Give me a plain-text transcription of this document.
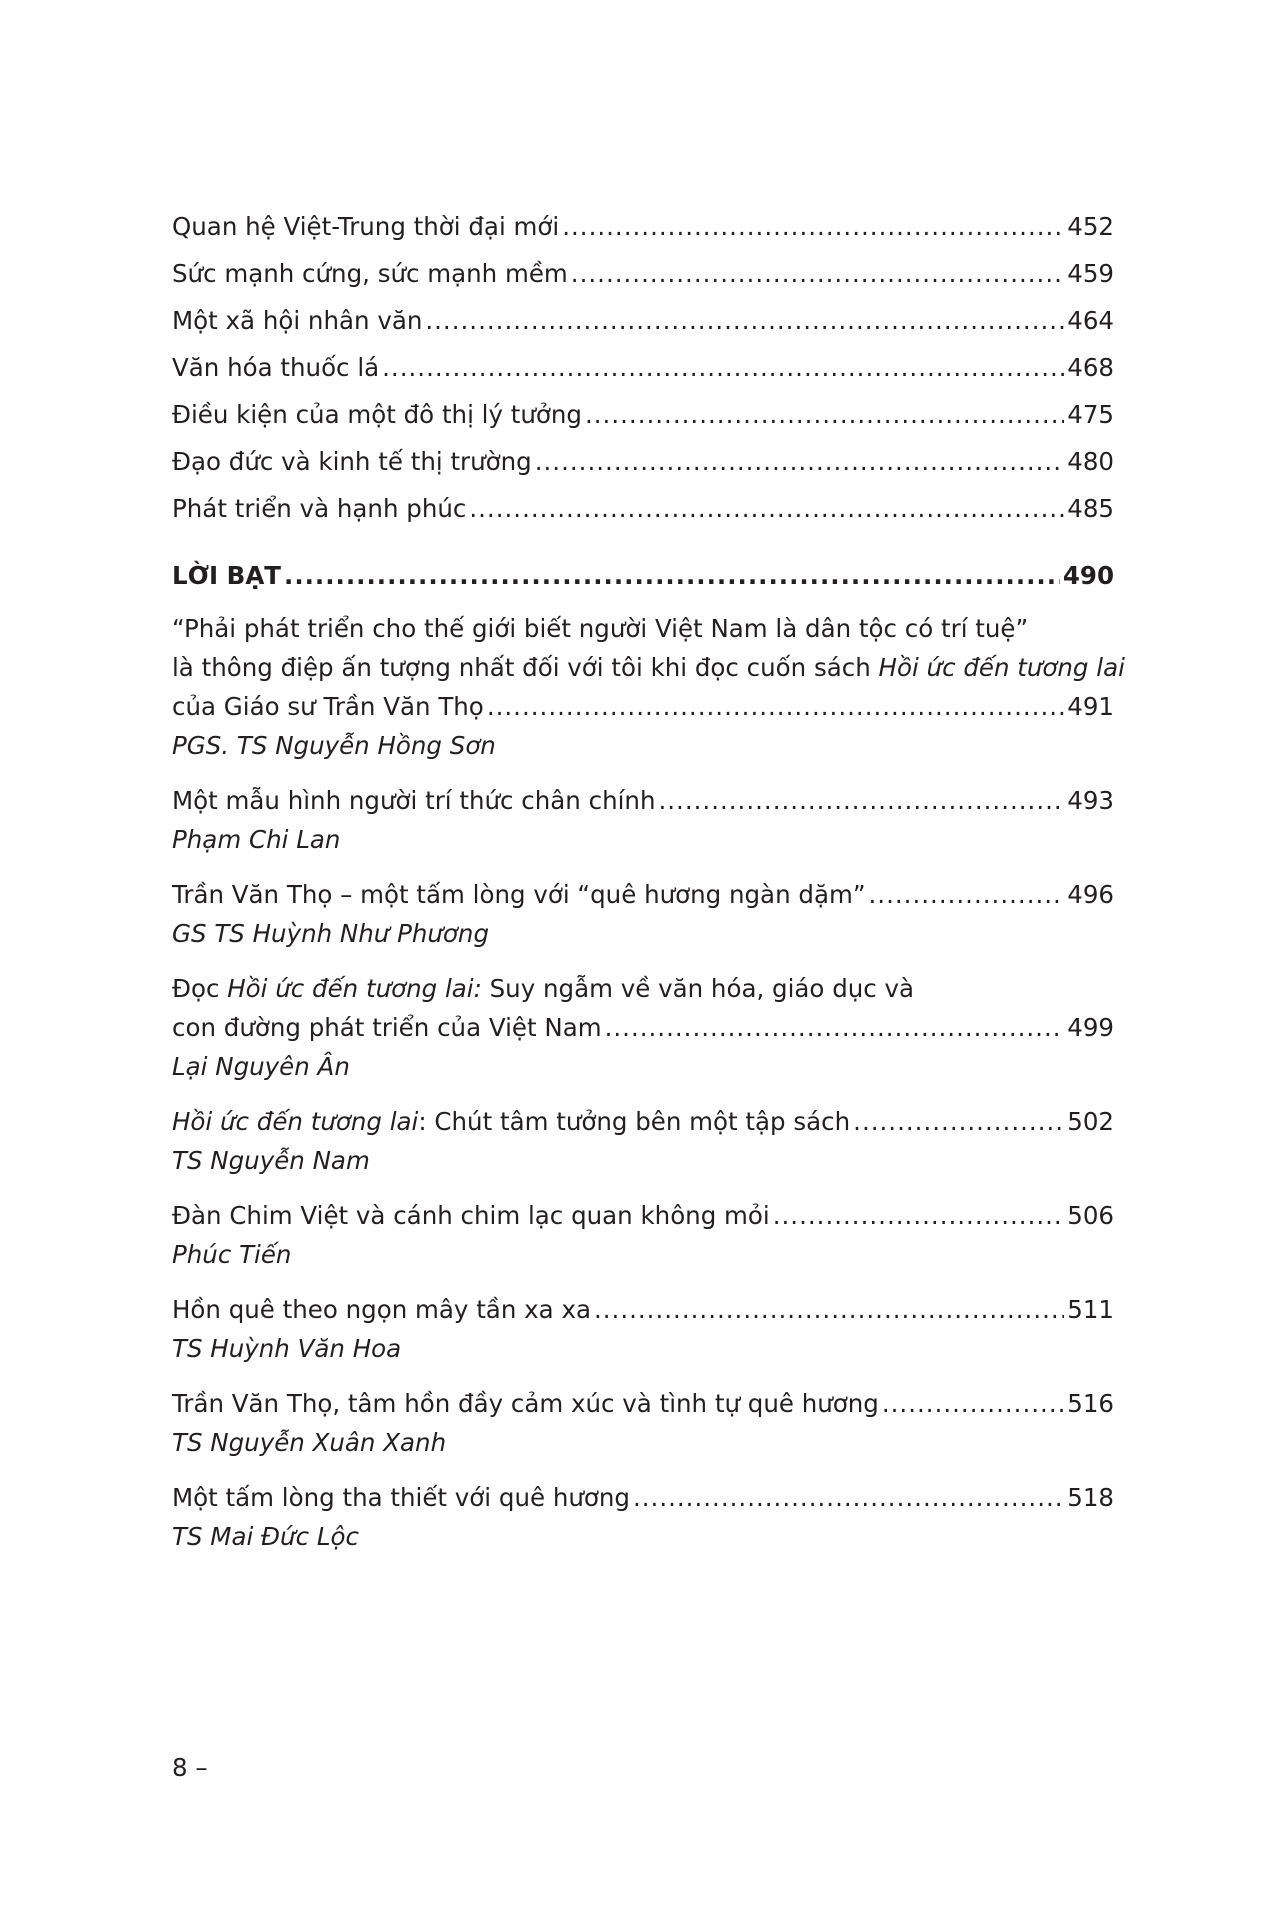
Quan hệ Việt-Trung thời đại mới .....	452
Sức mạnh cứng, sức mạnh mềm .....	459
Một xã hội nhân văn .....	464
Văn hóa thuốc lá .....	468
Điều kiện của một đô thị lý tưởng .....	475
Đạo đức và kinh tế thị trường .....	480
Phát triển và hạnh phúc .....	485
LỜI BẠT .....	490
“Phải phát triển cho thế giới biết người Việt Nam là dân tộc có trí tuệ”
là thông điệp ấn tượng nhất đối với tôi khi đọc cuốn sách Hồi ức đến tương lai
của Giáo sư Trần Văn Thọ .....	491
PGS. TS Nguyễn Hồng Sơn
Một mẫu hình người trí thức chân chính .....	493
Phạm Chi Lan
Trần Văn Thọ – một tấm lòng với “quê hương ngàn dặm” .....	496
GS TS Huỳnh Như Phương
Đọc Hồi ức đến tương lai: Suy ngẫm về văn hóa, giáo dục và
con đường phát triển của Việt Nam .....	499
Lại Nguyên Ân
Hồi ức đến tương lai: Chút tâm tưởng bên một tập sách .....	502
TS Nguyễn Nam
Đàn Chim Việt và cánh chim lạc quan không mỏi .....	506
Phúc Tiến
Hồn quê theo ngọn mây tần xa xa .....	511
TS Huỳnh Văn Hoa
Trần Văn Thọ, tâm hồn đầy cảm xúc và tình tự quê hương .....	516
TS Nguyễn Xuân Xanh
Một tấm lòng tha thiết với quê hương .....	518
TS Mai Đức Lộc
8 –
